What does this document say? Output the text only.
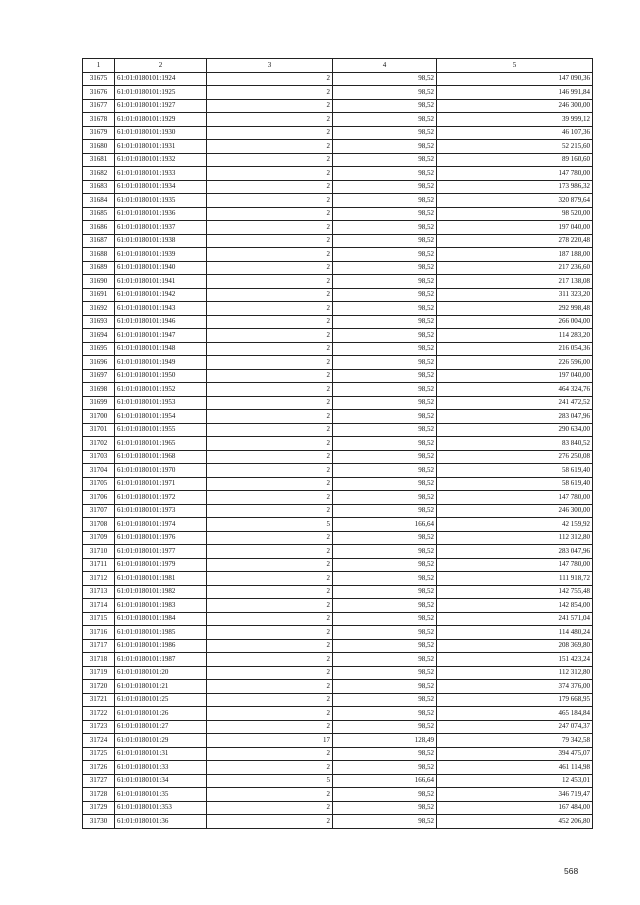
1	2	3	4	5
31675	61:01:0180101:1924	2	98,52	147 090,36
31676	61:01:0180101:1925	2	98,52	146 991,84
31677	61:01:0180101:1927	2	98,52	246 300,00
31678	61:01:0180101:1929	2	98,52	39 999,12
31679	61:01:0180101:1930	2	98,52	46 107,36
31680	61:01:0180101:1931	2	98,52	52 215,60
31681	61:01:0180101:1932	2	98,52	89 160,60
31682	61:01:0180101:1933	2	98,52	147 780,00
31683	61:01:0180101:1934	2	98,52	173 986,32
31684	61:01:0180101:1935	2	98,52	320 879,64
31685	61:01:0180101:1936	2	98,52	98 520,00
31686	61:01:0180101:1937	2	98,52	197 040,00
31687	61:01:0180101:1938	2	98,52	278 220,48
31688	61:01:0180101:1939	2	98,52	187 188,00
31689	61:01:0180101:1940	2	98,52	217 236,60
31690	61:01:0180101:1941	2	98,52	217 138,08
31691	61:01:0180101:1942	2	98,52	311 323,20
31692	61:01:0180101:1943	2	98,52	292 998,48
31693	61:01:0180101:1946	2	98,52	266 004,00
31694	61:01:0180101:1947	2	98,52	114 283,20
31695	61:01:0180101:1948	2	98,52	216 054,36
31696	61:01:0180101:1949	2	98,52	226 596,00
31697	61:01:0180101:1950	2	98,52	197 040,00
31698	61:01:0180101:1952	2	98,52	464 324,76
31699	61:01:0180101:1953	2	98,52	241 472,52
31700	61:01:0180101:1954	2	98,52	283 047,96
31701	61:01:0180101:1955	2	98,52	290 634,00
31702	61:01:0180101:1965	2	98,52	83 840,52
31703	61:01:0180101:1968	2	98,52	276 250,08
31704	61:01:0180101:1970	2	98,52	58 619,40
31705	61:01:0180101:1971	2	98,52	58 619,40
31706	61:01:0180101:1972	2	98,52	147 780,00
31707	61:01:0180101:1973	2	98,52	246 300,00
31708	61:01:0180101:1974	5	166,64	42 159,92
31709	61:01:0180101:1976	2	98,52	112 312,80
31710	61:01:0180101:1977	2	98,52	283 047,96
31711	61:01:0180101:1979	2	98,52	147 780,00
31712	61:01:0180101:1981	2	98,52	111 918,72
31713	61:01:0180101:1982	2	98,52	142 755,48
31714	61:01:0180101:1983	2	98,52	142 854,00
31715	61:01:0180101:1984	2	98,52	241 571,04
31716	61:01:0180101:1985	2	98,52	114 480,24
31717	61:01:0180101:1986	2	98,52	208 369,80
31718	61:01:0180101:1987	2	98,52	151 423,24
31719	61:01:0180101:20	2	98,52	112 312,80
31720	61:01:0180101:21	2	98,52	374 376,00
31721	61:01:0180101:25	2	98,52	179 668,95
31722	61:01:0180101:26	2	98,52	465 184,84
31723	61:01:0180101:27	2	98,52	247 074,37
31724	61:01:0180101:29	17	128,49	79 342,58
31725	61:01:0180101:31	2	98,52	394 475,07
31726	61:01:0180101:33	2	98,52	461 114,98
31727	61:01:0180101:34	5	166,64	12 453,01
31728	61:01:0180101:35	2	98,52	346 719,47
31729	61:01:0180101:353	2	98,52	167 484,00
31730	61:01:0180101:36	2	98,52	452 206,80
568
